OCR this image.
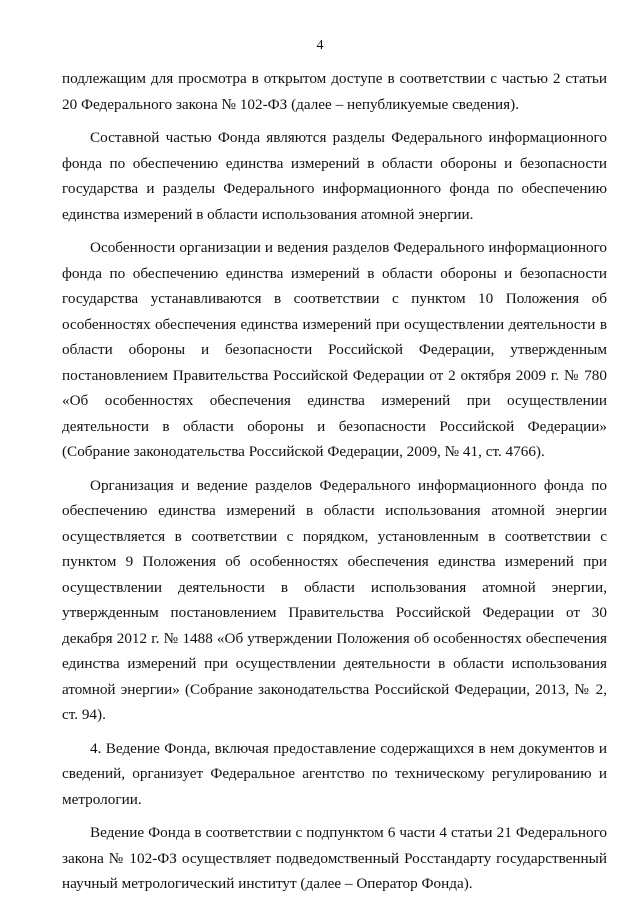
4

подлежащим для просмотра в открытом доступе в соответствии с частью 2 статьи 20 Федерального закона № 102-ФЗ (далее – непубликуемые сведения).

Составной частью Фонда являются разделы Федерального информационного фонда по обеспечению единства измерений в области обороны и безопасности государства и разделы Федерального информационного фонда по обеспечению единства измерений в области использования атомной энергии.

Особенности организации и ведения разделов Федерального информационного фонда по обеспечению единства измерений в области обороны и безопасности государства устанавливаются в соответствии с пунктом 10 Положения об особенностях обеспечения единства измерений при осуществлении деятельности в области обороны и безопасности Российской Федерации, утвержденным постановлением Правительства Российской Федерации от 2 октября 2009 г. № 780 «Об особенностях обеспечения единства измерений при осуществлении деятельности в области обороны и безопасности Российской Федерации» (Собрание законодательства Российской Федерации, 2009, № 41, ст. 4766).

Организация и ведение разделов Федерального информационного фонда по обеспечению единства измерений в области использования атомной энергии осуществляется в соответствии с порядком, установленным в соответствии с пунктом 9 Положения об особенностях обеспечения единства измерений при осуществлении деятельности в области использования атомной энергии, утвержденным постановлением Правительства Российской Федерации от 30 декабря 2012 г. № 1488 «Об утверждении Положения об особенностях обеспечения единства измерений при осуществлении деятельности в области использования атомной энергии» (Собрание законодательства Российской Федерации, 2013, № 2, ст. 94).

4. Ведение Фонда, включая предоставление содержащихся в нем документов и сведений, организует Федеральное агентство по техническому регулированию и метрологии.

Ведение Фонда в соответствии с подпунктом 6 части 4 статьи 21 Федерального закона № 102-ФЗ осуществляет подведомственный Росстандарту государственный научный метрологический институт (далее – Оператор Фонда).
